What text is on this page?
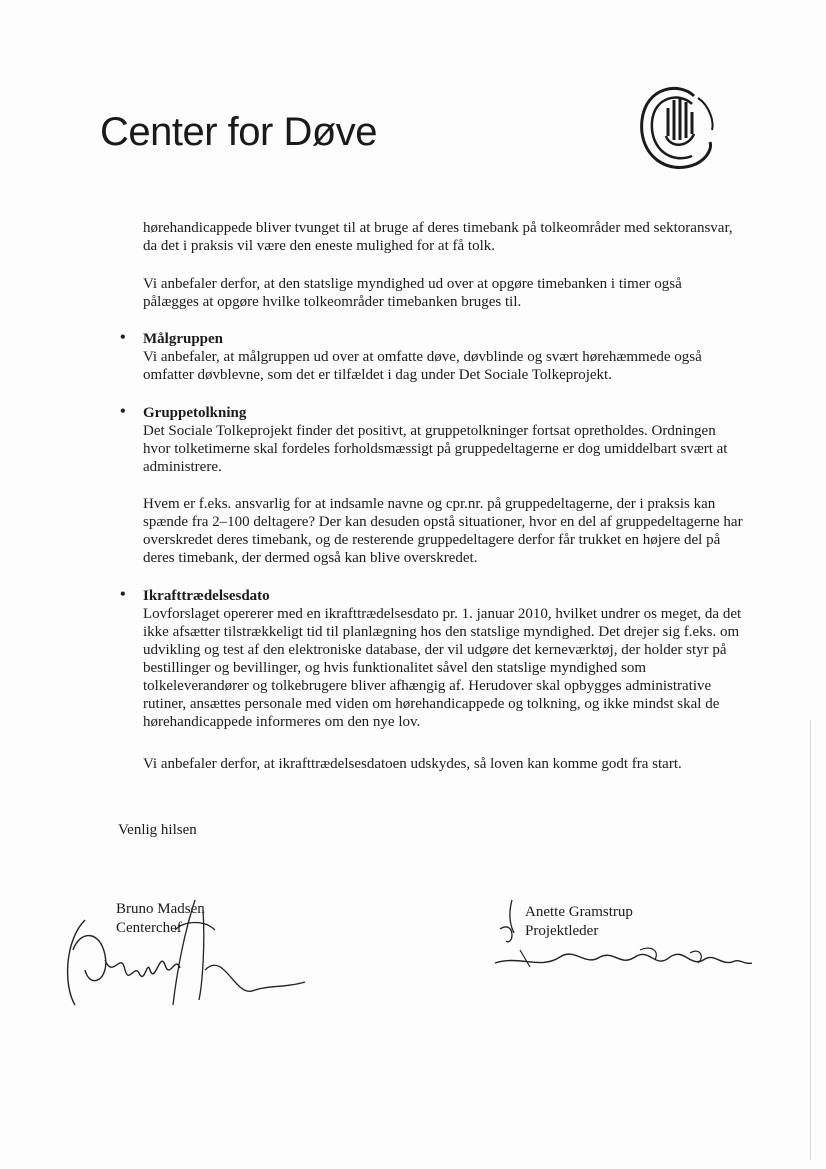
Center for Døve
hørehandicappede bliver tvunget til at bruge af deres timebank på tolkeområder med sektoransvar, da det i praksis vil være den eneste mulighed for at få tolk.
Vi anbefaler derfor, at den statslige myndighed ud over at opgøre timebanken i timer også pålægges at opgøre hvilke tolkeområder timebanken bruges til.
• Målgruppen

Vi anbefaler, at målgruppen ud over at omfatte døve, døvblinde og svært hørehæmmede også omfatter døvblevne, som det er tilfældet i dag under Det Sociale Tolkeprojekt.

• Gruppetolkning

Det Sociale Tolkeprojekt finder det positivt, at gruppetolkninger fortsat opretholdes. Ordningen hvor tolketimerne skal fordeles forholdsmæssigt på gruppedeltagerne er dog umiddelbart svært at administrere.

Hvem er f.eks. ansvarlig for at indsamle navne og cpr.nr. på gruppedeltagerne, der i praksis kan spænde fra 2–100 deltagere? Der kan desuden opstå situationer, hvor en del af gruppedeltagerne har overskredet deres timebank, og de resterende gruppedeltagere derfor får trukket en højere del på deres timebank, der dermed også kan blive overskredet.

• Ikrafttrædelsesdato

Lovforslaget opererer med en ikrafttrædelsesdato pr. 1. januar 2010, hvilket undrer os meget, da det ikke afsætter tilstrækkeligt tid til planlægning hos den statslige myndighed. Det drejer sig f.eks. om udvikling og test af den elektroniske database, der vil udgøre det kerneværktøj, der holder styr på bestillinger og bevillinger, og hvis funktionalitet såvel den statslige myndighed som tolkeleverandører og tolkebrugere bliver afhængig af. Herudover skal opbygges administrative rutiner, ansættes personale med viden om hørehandicappede og tolkning, og ikke mindst skal de hørehandicappede informeres om den nye lov.

Vi anbefaler derfor, at ikrafttrædelsesdatoen udskydes, så loven kan komme godt fra start.

Venlig hilsen
Bruno Madsen
Centerchef
Anette Gramstrup
Projektleder
